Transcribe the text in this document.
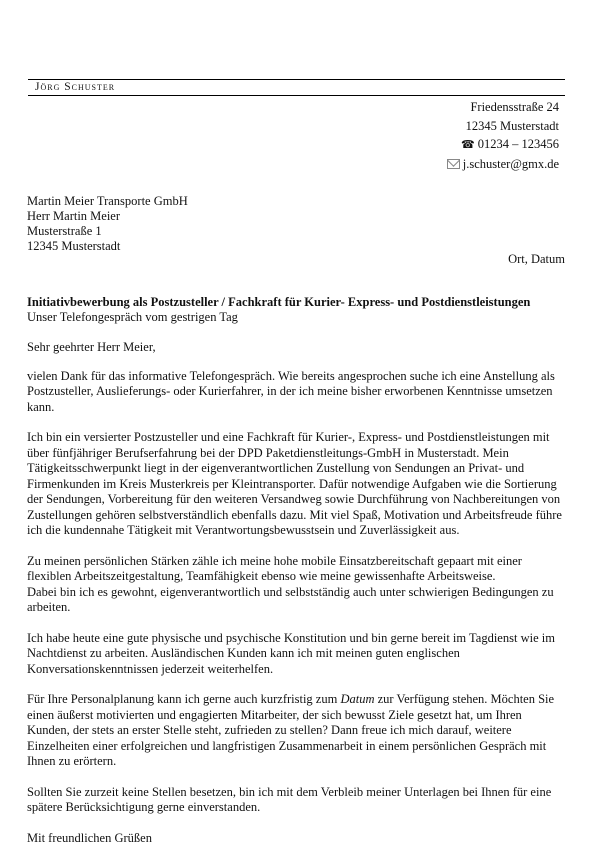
Jörg Schuster
Friedensstraße 24
12345 Musterstadt
☎ 01234 – 123456
j.schuster@gmx.de
Martin Meier Transporte GmbH
Herr Martin Meier
Musterstraße 1
12345 Musterstadt
Ort, Datum
Initiativbewerbung als Postzusteller / Fachkraft für Kurier- Express- und Postdienstleistungen
Unser Telefongespräch vom gestrigen Tag

Sehr geehrter Herr Meier,

vielen Dank für das informative Telefongespräch. Wie bereits angesprochen suche ich eine Anstellung als Postzusteller, Auslieferungs- oder Kurierfahrer, in der ich meine bisher erworbenen Kenntnisse umsetzen kann.

Ich bin ein versierter Postzusteller und eine Fachkraft für Kurier-, Express- und Postdienstleistungen mit über fünfjähriger Berufserfahrung bei der DPD Paketdienstleitungs-GmbH in Musterstadt. Mein Tätigkeitsschwerpunkt liegt in der eigenverantwortlichen Zustellung von Sendungen an Privat- und Firmenkunden im Kreis Musterkreis per Kleintransporter. Dafür notwendige Aufgaben wie die Sortierung der Sendungen, Vorbereitung für den weiteren Versandweg sowie Durchführung von Nachbereitungen von Zustellungen gehören selbstverständlich ebenfalls dazu. Mit viel Spaß, Motivation und Arbeitsfreude führe ich die kundennahe Tätigkeit mit Verantwortungsbewusstsein und Zuverlässigkeit aus.

Zu meinen persönlichen Stärken zähle ich meine hohe mobile Einsatzbereitschaft gepaart mit einer flexiblen Arbeitszeitgestaltung, Teamfähigkeit ebenso wie meine gewissenhafte Arbeitsweise.
Dabei bin ich es gewohnt, eigenverantwortlich und selbstständig auch unter schwierigen Bedingungen zu arbeiten.

Ich habe heute eine gute physische und psychische Konstitution und bin gerne bereit im Tagdienst wie im Nachtdienst zu arbeiten. Ausländischen Kunden kann ich mit meinen guten englischen Konversationskenntnissen jederzeit weiterhelfen.

Für Ihre Personalplanung kann ich gerne auch kurzfristig zum Datum zur Verfügung stehen. Möchten Sie einen äußerst motivierten und engagierten Mitarbeiter, der sich bewusst Ziele gesetzt hat, um Ihren Kunden, der stets an erster Stelle steht, zufrieden zu stellen? Dann freue ich mich darauf, weitere Einzelheiten einer erfolgreichen und langfristigen Zusammenarbeit in einem persönlichen Gespräch mit Ihnen zu erörtern.

Sollten Sie zurzeit keine Stellen besetzen, bin ich mit dem Verbleib meiner Unterlagen bei Ihnen für eine spätere Berücksichtigung gerne einverstanden.

Mit freundlichen Grüßen
